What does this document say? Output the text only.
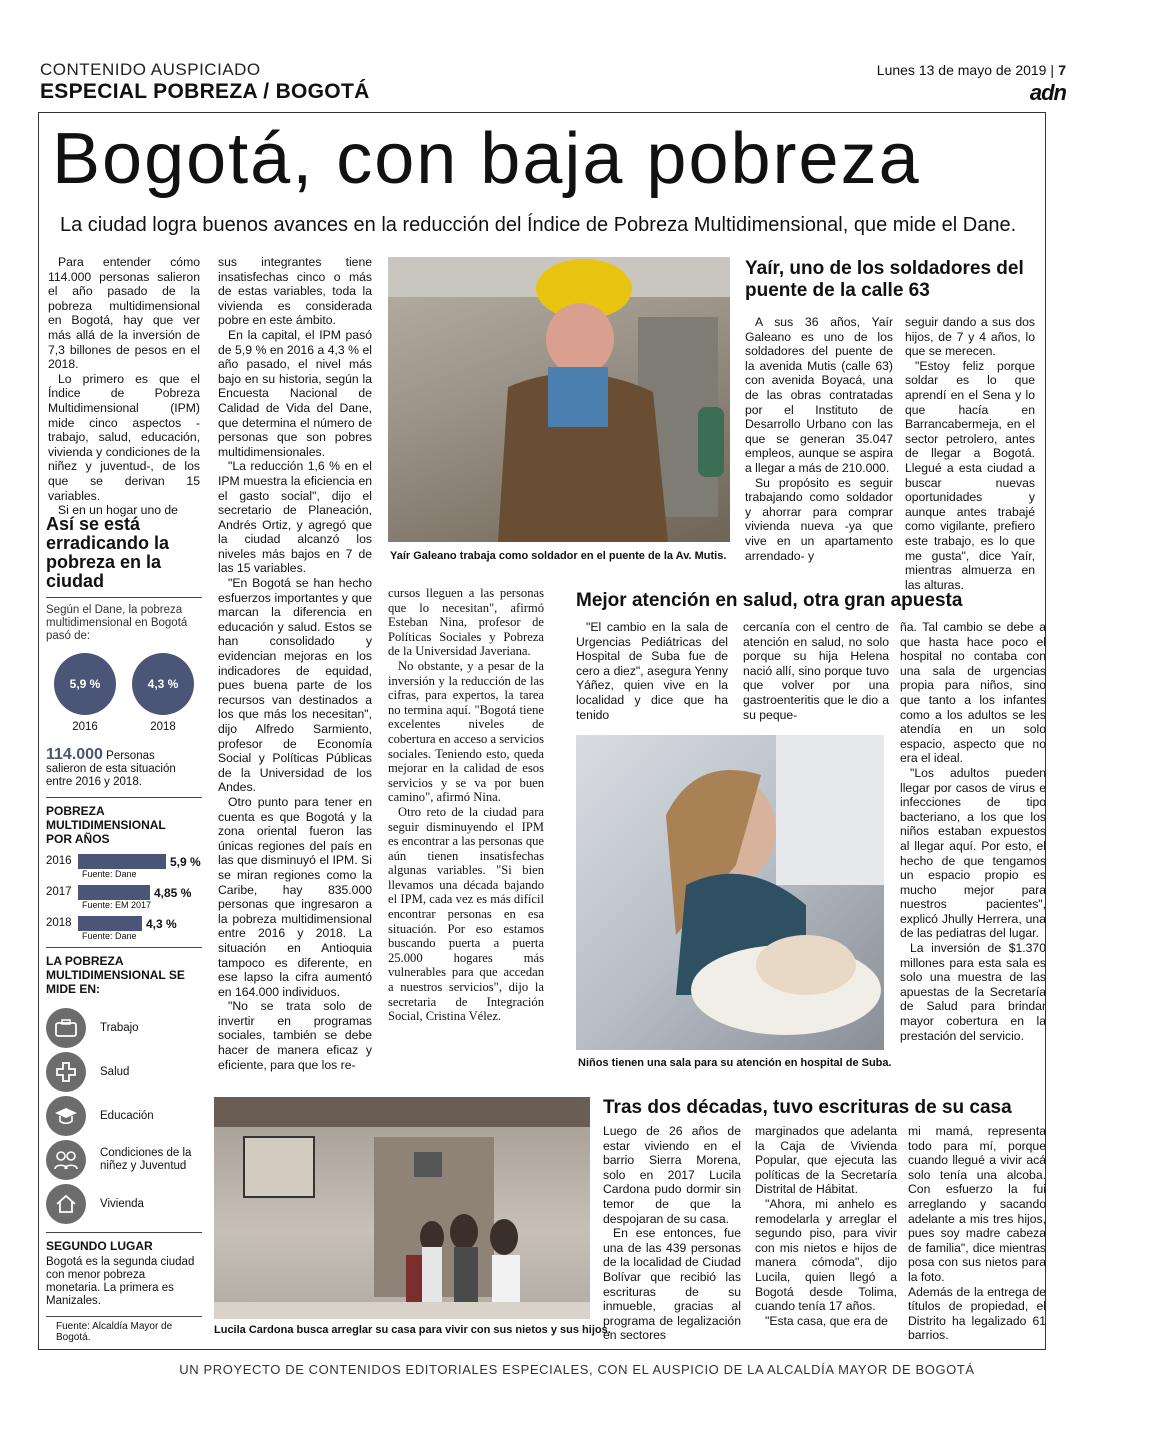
CONTENIDO AUSPICIADO
ESPECIAL POBREZA / BOGOTÁ
Lunes 13 de mayo de 2019 | 7
adn
Bogotá, con baja pobreza
La ciudad logra buenos avances en la reducción del Índice de Pobreza Multidimensional, que mide el Dane.

Para entender cómo 114.000 personas salieron el año pasado de la pobreza multidimensional en Bogotá, hay que ver más allá de la inversión de 7,3 billones de pesos en el 2018.

Lo primero es que el Índice de Pobreza Multidimensional (IPM) mide cinco aspectos -trabajo, salud, educación, vivienda y condiciones de la niñez y juventud-, de los que se derivan 15 variables.

Si en un hogar uno de

Así se está erradicando la pobreza en la ciudad
Según el Dane, la pobreza multidimensional en Bogotá pasó de:
5,9 %
2016
4,3 %
2018
114.000 Personas
salieron de esta situación entre 2016 y 2018.
POBREZA MULTIDIMENSIONAL POR AÑOS
2016	5,9 %
Fuente: Dane
2017	4,85 %
Fuente: EM 2017
2018	4,3 %
Fuente: Dane
LA POBREZA MULTIDIMENSIONAL SE MIDE EN:
Trabajo
Salud
Educación
Condiciones de la niñez y Juventud
Vivienda
SEGUNDO LUGAR
Bogotá es la segunda ciudad con menor pobreza monetaria. La primera es Manizales.
Fuente: Alcaldía Mayor de Bogotá.

sus integrantes tiene insatisfechas cinco o más de estas variables, toda la vivienda es considerada pobre en este ámbito.

En la capital, el IPM pasó de 5,9 % en 2016 a 4,3 % el año pasado, el nivel más bajo en su historia, según la Encuesta Nacional de Calidad de Vida del Dane, que determina el número de personas que son pobres multidimensionales.

"La reducción 1,6 % en el IPM muestra la eficiencia en el gasto social", dijo el secretario de Planeación, Andrés Ortiz, y agregó que la ciudad alcanzó los niveles más bajos en 7 de las 15 variables.

"En Bogotá se han hecho esfuerzos importantes y que marcan la diferencia en educación y salud. Estos se han consolidado y evidencian mejoras en los indicadores de equidad, pues buena parte de los recursos van destinados a los que más los necesitan", dijo Alfredo Sarmiento, profesor de Economía Social y Políticas Públicas de la Universidad de los Andes.

Otro punto para tener en cuenta es que Bogotá y la zona oriental fueron las únicas regiones del país en las que disminuyó el IPM. Si se miran regiones como la Caribe, hay 835.000 personas que ingresaron a la pobreza multidimensional entre 2016 y 2018. La situación en Antioquia tampoco es diferente, en ese lapso la cifra aumentó en 164.000 individuos.

"No se trata solo de invertir en programas sociales, también se debe hacer de manera eficaz y eficiente, para que los re-

Yaír Galeano trabaja como soldador en el puente de la Av. Mutis.
Yaír, uno de los soldadores del puente de la calle 63

A sus 36 años, Yaír Galeano es uno de los soldadores del puente de la avenida Mutis (calle 63) con avenida Boyacá, una de las obras contratadas por el Instituto de Desarrollo Urbano con las que se generan 35.047 empleos, aunque se aspira a llegar a más de 210.000.

Su propósito es seguir trabajando como soldador y ahorrar para comprar vivienda nueva -ya que vive en un apartamento arrendado- y

seguir dando a sus dos hijos, de 7 y 4 años, lo que se merecen.

"Estoy feliz porque soldar es lo que aprendí en el Sena y lo que hacía en Barrancabermeja, en el sector petrolero, antes de llegar a Bogotá. Llegué a esta ciudad a buscar nuevas oportunidades y aunque antes trabajé como vigilante, prefiero este trabajo, es lo que me gusta", dice Yaír, mientras almuerza en las alturas.

cursos lleguen a las personas que lo necesitan", afirmó Esteban Nina, profesor de Políticas Sociales y Pobreza de la Universidad Javeriana.

No obstante, y a pesar de la inversión y la reducción de las cifras, para expertos, la tarea no termina aquí. "Bogotá tiene excelentes niveles de cobertura en acceso a servicios sociales. Teniendo esto, queda mejorar en la calidad de esos servicios y se va por buen camino", afirmó Nina.

Otro reto de la ciudad para seguir disminuyendo el IPM es encontrar a las personas que aún tienen insatisfechas algunas variables. "Si bien llevamos una década bajando el IPM, cada vez es más difícil encontrar personas en esa situación. Por eso estamos buscando puerta a puerta 25.000 hogares más vulnerables para que accedan a nuestros servicios", dijo la secretaria de Integración Social, Cristina Vélez.

Mejor atención en salud, otra gran apuesta

"El cambio en la sala de Urgencias Pediátricas del Hospital de Suba fue de cero a diez", asegura Yenny Yáñez, quien vive en la localidad y dice que ha tenido

cercanía con el centro de atención en salud, no solo porque su hija Helena nació allí, sino porque tuvo que volver por una gastroenteritis que le dio a su peque-

Niños tienen una sala para su atención en hospital de Suba.

ña. Tal cambio se debe a que hasta hace poco el hospital no contaba con una sala de urgencias propia para niños, sino que tanto a los infantes como a los adultos se les atendía en un solo espacio, aspecto que no era el ideal.

"Los adultos pueden llegar por casos de virus e infecciones de tipo bacteriano, a los que los niños estaban expuestos al llegar aquí. Por esto, el hecho de que tengamos un espacio propio es mucho mejor para nuestros pacientes", explicó Jhully Herrera, una de las pediatras del lugar.

La inversión de $1.370 millones para esta sala es solo una muestra de las apuestas de la Secretaría de Salud para brindar mayor cobertura en la prestación del servicio.

Lucila Cardona busca arreglar su casa para vivir con sus nietos y sus hijos.
Tras dos décadas, tuvo escrituras de su casa

Luego de 26 años de estar viviendo en el barrio Sierra Morena, solo en 2017 Lucila Cardona pudo dormir sin temor de que la despojaran de su casa.

En ese entonces, fue una de las 439 personas de la localidad de Ciudad Bolívar que recibió las escrituras de su inmueble, gracias al programa de legalización en sectores

marginados que adelanta la Caja de Vivienda Popular, que ejecuta las políticas de la Secretaría Distrital de Hábitat.

"Ahora, mi anhelo es remodelarla y arreglar el segundo piso, para vivir con mis nietos e hijos de manera cómoda", dijo Lucila, quien llegó a Bogotá desde Tolima, cuando tenía 17 años.

"Esta casa, que era de

mi mamá, representa todo para mí, porque cuando llegué a vivir acá solo tenía una alcoba. Con esfuerzo la fui arreglando y sacando adelante a mis tres hijos, pues soy madre cabeza de familia", dice mientras posa con sus nietos para la foto.

Además de la entrega de títulos de propiedad, el Distrito ha legalizado 61 barrios.

UN PROYECTO DE CONTENIDOS EDITORIALES ESPECIALES, CON EL AUSPICIO DE LA ALCALDÍA MAYOR DE BOGOTÁ
